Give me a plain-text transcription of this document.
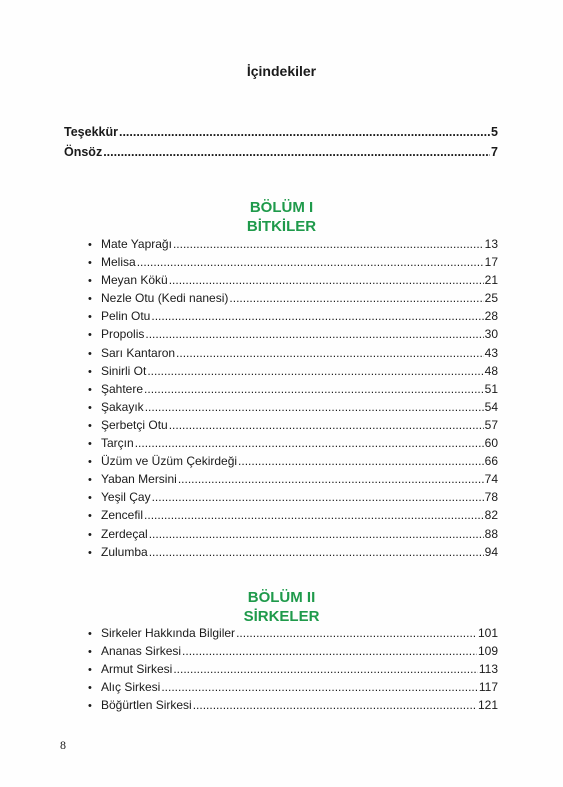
İçindekiler
Teşekkür .....	5
Önsöz .....	7
BÖLÜM I
BİTKİLER
• Mate Yaprağı .....	13
• Melisa .....	17
• Meyan Kökü .....	21
• Nezle Otu (Kedi nanesi) .....	25
• Pelin Otu .....	28
• Propolis .....	30
• Sarı Kantaron .....	43
• Sinirli Ot .....	48
• Şahtere .....	51
• Şakayık .....	54
• Şerbetçi Otu .....	57
• Tarçın .....	60
• Üzüm ve Üzüm Çekirdeği .....	66
• Yaban Mersini .....	74
• Yeşil Çay .....	78
• Zencefil .....	82
• Zerdeçal .....	88
• Zulumba .....	94
BÖLÜM II
SİRKELER
• Sirkeler Hakkında Bilgiler .....	101
• Ananas Sirkesi .....	109
• Armut Sirkesi .....	113
• Alıç Sirkesi .....	117
• Böğürtlen Sirkesi .....	121
8
